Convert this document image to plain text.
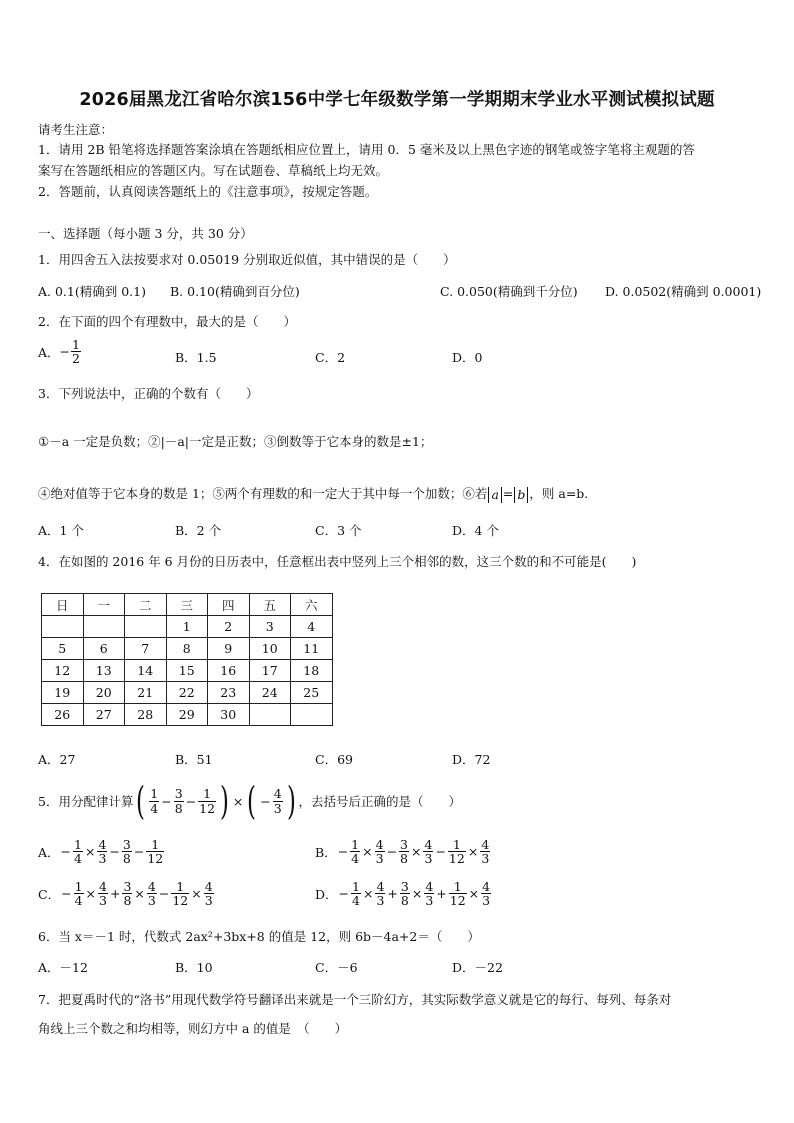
2026届黑龙江省哈尔滨156中学七年级数学第一学期期末学业水平测试模拟试题
请考生注意：
1．请用 2B 铅笔将选择题答案涂填在答题纸相应位置上，请用 0．5 毫米及以上黑色字迹的钢笔或签字笔将主观题的答
案写在答题纸相应的答题区内。写在试题卷、草稿纸上均无效。
2．答题前，认真阅读答题纸上的《注意事项》，按规定答题。
一、选择题（每小题 3 分，共 30 分）
1．用四舍五入法按要求对 0.05019 分别取近似值，其中错误的是（　　）
A. 0.1(精确到 0.1) B. 0.10(精确到百分位)	C. 0.050(精确到千分位) D. 0.0502(精确到 0.0001)
2．在下面的四个有理数中，最大的是（　　）
A． − $\frac{1}{2}$	B．1.5	C．2	D．0
3．下列说法中，正确的个数有（　　）
①－a 一定是负数；②|－a|一定是正数；③倒数等于它本身的数是±1；
④绝对值等于它本身的数是 1；⑤两个有理数的和一定大于其中每一个加数；⑥若 a = b ，则 a=b.
A．1 个	B．2 个	C．3 个	D．4 个
4．在如图的 2016 年 6 月份的日历表中，任意框出表中竖列上三个相邻的数，这三个数的和不可能是(　　)
日	一	二	三	四	五	六
			1	2	3	4
5	6	7	8	9	10	11
12	13	14	15	16	17	18
19	20	21	22	23	24	25
26	27	28	29	30		
A．27	B．51	C．69	D．72
5．用分配律计算 ( $\frac{1}{4} - \frac{3}{8} - \frac{1}{12}$ ) × ( − $\frac{4}{3}$ ) ，去括号后正确的是（　　）
A． − $\frac{1}{4} \times \frac{4}{3} - \frac{3}{8} - \frac{1}{12}$	B． − $\frac{1}{4} \times \frac{4}{3} - \frac{3}{8} \times \frac{4}{3} - \frac{1}{12} \times \frac{4}{3}$
C． − $\frac{1}{4} \times \frac{4}{3} + \frac{3}{8} \times \frac{4}{3} - \frac{1}{12} \times \frac{4}{3}$	D． − $\frac{1}{4} \times \frac{4}{3} + \frac{3}{8} \times \frac{4}{3} + \frac{1}{12} \times \frac{4}{3}$
6．当 x＝－1 时，代数式 2ax²+3bx+8 的值是 12，则 6b－4a+2＝（　　）
A．－12	B．10	C．－6	D．－22
7．把夏禹时代的“洛书”用现代数学符号翻译出来就是一个三阶幻方，其实际数学意义就是它的每行、每列、每条对
角线上三个数之和均相等，则幻方中 a 的值是　（　　）
